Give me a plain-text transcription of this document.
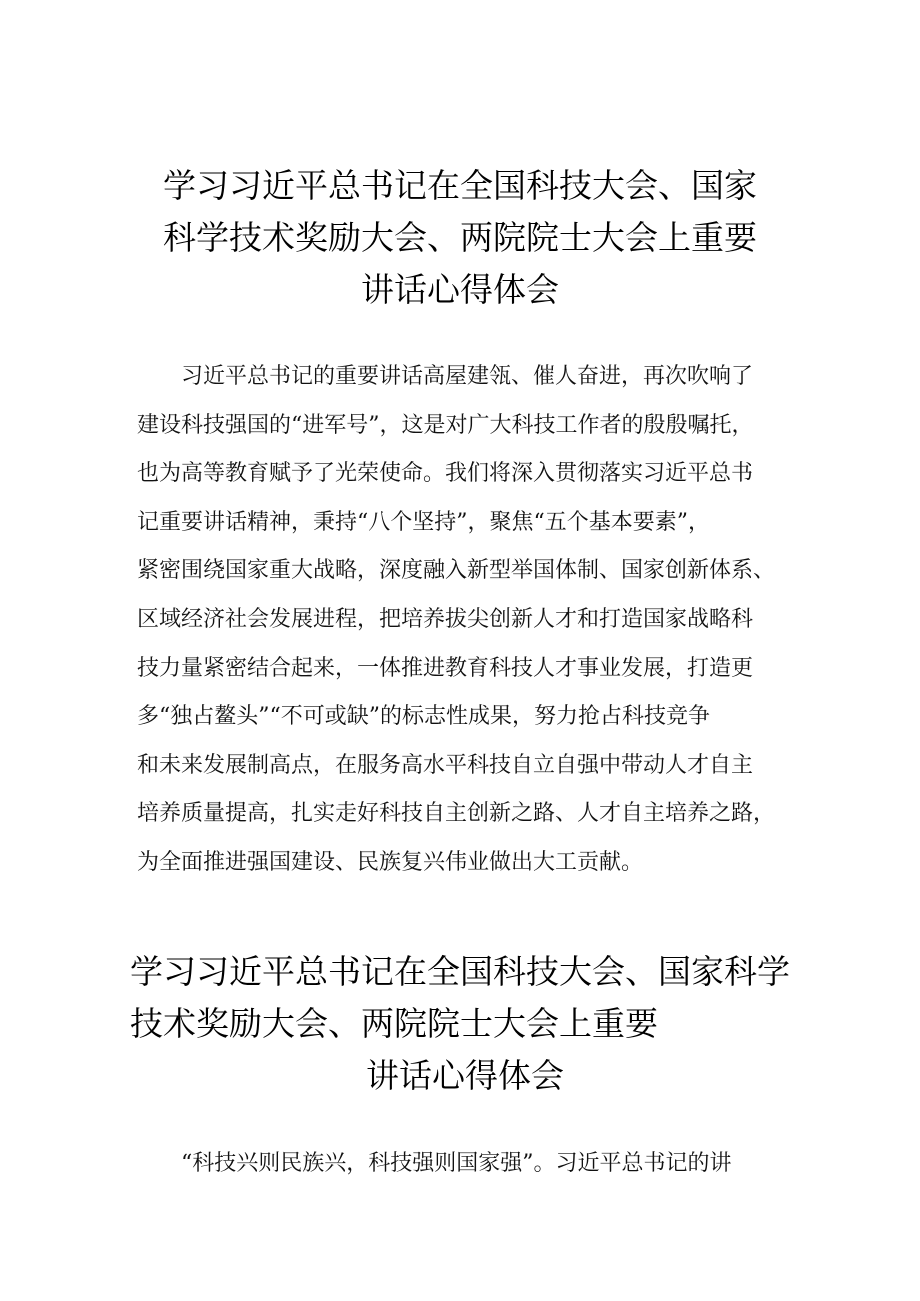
学习习近平总书记在全国科技大会、国家
科学技术奖励大会、两院院士大会上重要
讲话心得体会

　　习近平总书记的重要讲话高屋建瓴、催人奋进，再次吹响了
建设科技强国的“进军号”，这是对广大科技工作者的殷殷嘱托，
也为高等教育赋予了光荣使命。我们将深入贯彻落实习近平总书
记重要讲话精神，秉持“八个坚持”，聚焦“五个基本要素”，
紧密围绕国家重大战略，深度融入新型举国体制、国家创新体系、
区域经济社会发展进程，把培养拔尖创新人才和打造国家战略科
技力量紧密结合起来，一体推进教育科技人才事业发展，打造更
多“独占鳌头”“不可或缺”的标志性成果，努力抢占科技竞争
和未来发展制高点，在服务高水平科技自立自强中带动人才自主
培养质量提高，扎实走好科技自主创新之路、人才自主培养之路，
为全面推进强国建设、民族复兴伟业做出大工贡献。

学习习近平总书记在全国科技大会、国家科学
技术奖励大会、两院院士大会上重要
讲话心得体会

　　“科技兴则民族兴，科技强则国家强”。习近平总书记的讲
